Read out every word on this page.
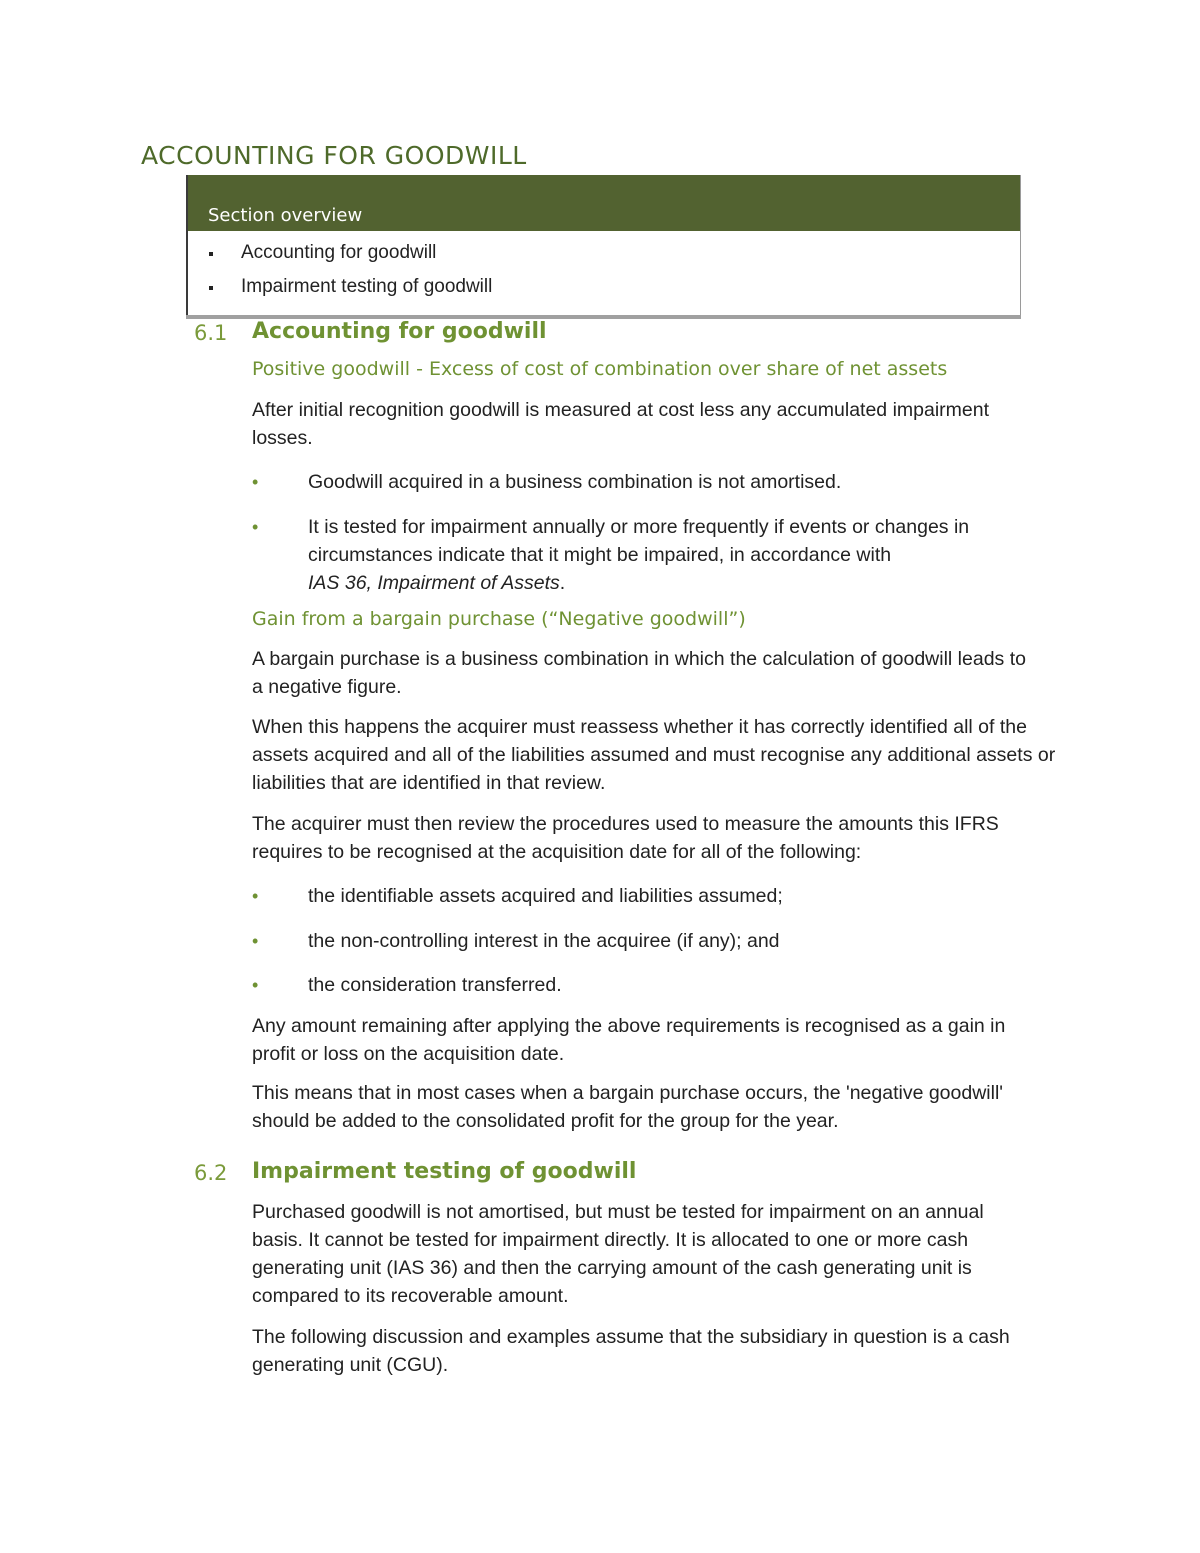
ACCOUNTING FOR GOODWILL
Section overview
Accounting for goodwill
Impairment testing of goodwill
6.1 Accounting for goodwill
Positive goodwill - Excess of cost of combination over share of net assets

After initial recognition goodwill is measured at cost less any accumulated impairment losses.

•	Goodwill acquired in a business combination is not amortised.
•	It is tested for impairment annually or more frequently if events or changes in circumstances indicate that it might be impaired, in accordance with
IAS 36, Impairment of Assets.
Gain from a bargain purchase (“Negative goodwill”)

A bargain purchase is a business combination in which the calculation of goodwill leads to a negative figure.

When this happens the acquirer must reassess whether it has correctly identified all of the assets acquired and all of the liabilities assumed and must recognise any additional assets or liabilities that are identified in that review.

The acquirer must then review the procedures used to measure the amounts this IFRS requires to be recognised at the acquisition date for all of the following:

•	the identifiable assets acquired and liabilities assumed;
•	the non-controlling interest in the acquiree (if any); and
•	the consideration transferred.

Any amount remaining after applying the above requirements is recognised as a gain in profit or loss on the acquisition date.

This means that in most cases when a bargain purchase occurs, the 'negative goodwill' should be added to the consolidated profit for the group for the year.

6.2 Impairment testing of goodwill

Purchased goodwill is not amortised, but must be tested for impairment on an annual basis. It cannot be tested for impairment directly. It is allocated to one or more cash generating unit (IAS 36) and then the carrying amount of the cash generating unit is compared to its recoverable amount.

The following discussion and examples assume that the subsidiary in question is a cash generating unit (CGU).
